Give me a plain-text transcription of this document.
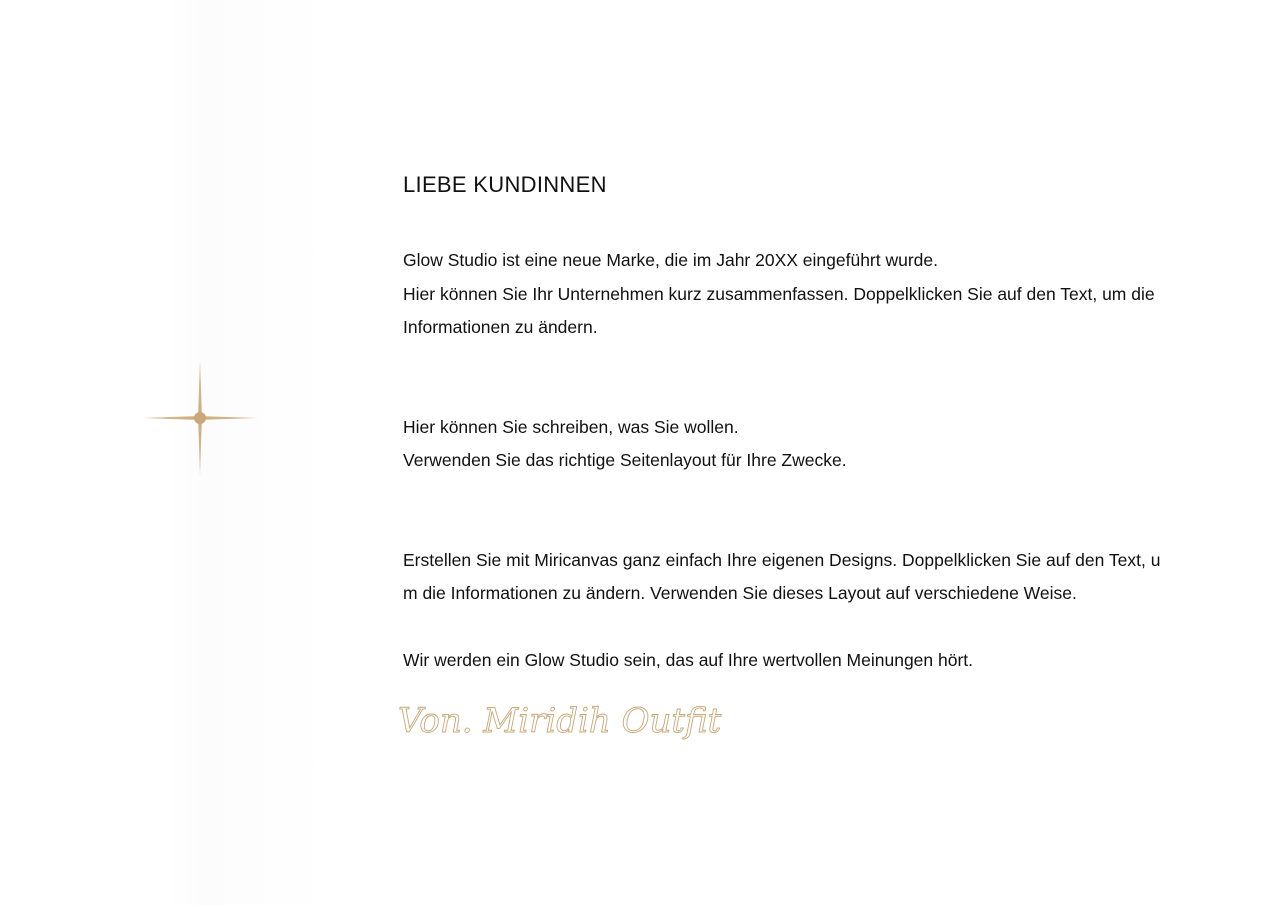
LIEBE KUNDINNEN

Glow Studio ist eine neue Marke, die im Jahr 20XX eingeführt wurde.
Hier können Sie Ihr Unternehmen kurz zusammenfassen. Doppelklicken Sie auf den Text, um die Informationen zu ändern.

Hier können Sie schreiben, was Sie wollen.
Verwenden Sie das richtige Seitenlayout für Ihre Zwecke.

Erstellen Sie mit Miricanvas ganz einfach Ihre eigenen Designs. Doppelklicken Sie auf den Text, um die Informationen zu ändern. Verwenden Sie dieses Layout auf verschiedene Weise.

Wir werden ein Glow Studio sein, das auf Ihre wertvollen Meinungen hört.

Von. Miridih Outfit
